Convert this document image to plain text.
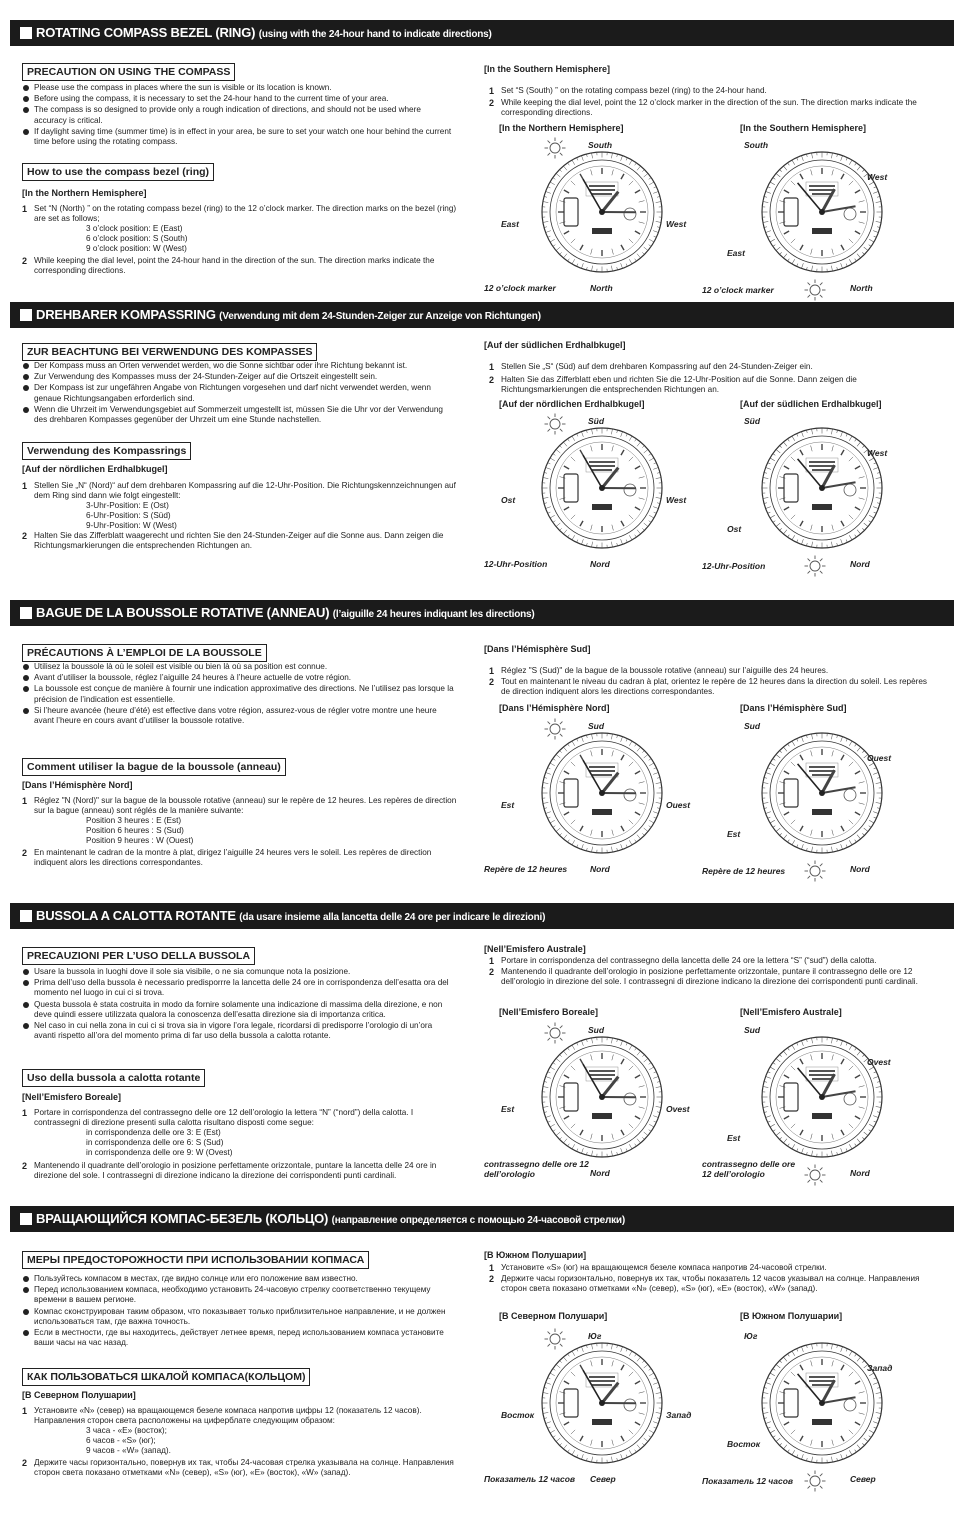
ROTATING COMPASS BEZEL (RING) (using with the 24-hour hand to indicate directions)
PRECAUTION ON USING THE COMPASS
Please use the compass in places where the sun is visible or its location is known.
Before using the compass, it is necessary to set the 24-hour hand to the current time of your area.
The compass is so designed to provide only a rough indication of directions, and should not be used where accuracy is critical.
If daylight saving time (summer time) is in effect in your area, be sure to set your watch one hour behind the current time before using the rotating compass.
How to use the compass bezel (ring)
[In the Northern Hemisphere]
1 Set “N (North) ” on the rotating compass bezel (ring) to the 12 o’clock marker. The direction marks on the bezel (ring) are set as follows;
3 o’clock position: E (East)
6 o’clock position: S (South)
9 o’clock position: W (West)
2 While keeping the dial level, point the 24-hour hand in the direction of the sun. The direction marks indicate the corresponding directions.
[In the Southern Hemisphere]
1 Set “S (South) ” on the rotating compass bezel (ring) to the 24-hour hand.
2 While keeping the dial level, point the 12 o’clock marker in the direction of the sun. The direction marks indicate the corresponding directions.
[In the Northern Hemisphere]	[In the Southern Hemisphere]
South
East	West
North
12 o’clock marker
South
West
East
North
12 o’clock marker
DREHBARER KOMPASSRING (Verwendung mit dem 24-Stunden-Zeiger zur Anzeige von Richtungen)
ZUR BEACHTUNG BEI VERWENDUNG DES KOMPASSES
Der Kompass muss an Orten verwendet werden, wo die Sonne sichtbar oder ihre Richtung bekannt ist.
Zur Verwendung des Kompasses muss der 24-Stunden-Zeiger auf die Ortszeit eingestellt sein.
Der Kompass ist zur ungefähren Angabe von Richtungen vorgesehen und darf nicht verwendet werden, wenn genaue Richtungsangaben erforderlich sind.
Wenn die Uhrzeit im Verwendungsgebiet auf Sommerzeit umgestellt ist, müssen Sie die Uhr vor der Verwendung des drehbaren Kompasses gegenüber der Uhrzeit um eine Stunde nachstellen.
Verwendung des Kompassrings
[Auf der nördlichen Erdhalbkugel]
1 Stellen Sie „N“ (Nord)“ auf dem drehbaren Kompassring auf die 12-Uhr-Position. Die Richtungskennzeichnungen auf dem Ring sind dann wie folgt eingestellt:
3-Uhr-Position: E (Ost)
6-Uhr-Position: S (Süd)
9-Uhr-Position: W (West)
2 Halten Sie das Zifferblatt waagerecht und richten Sie den 24-Stunden-Zeiger auf die Sonne aus. Dann zeigen die Richtungsmarkierungen die entsprechenden Richtungen an.
[Auf der südlichen Erdhalbkugel]
1 Stellen Sie „S“ (Süd) auf dem drehbaren Kompassring auf den 24-Stunden-Zeiger ein.
2 Halten Sie das Zifferblatt eben und richten Sie die 12-Uhr-Position auf die Sonne. Dann zeigen die Richtungsmarkierungen die entsprechenden Richtungen an.
[Auf der nördlichen Erdhalbkugel]	[Auf der südlichen Erdhalbkugel]
Süd
Ost	West
Nord
12-Uhr-Position
Süd
West
Ost
Nord
12-Uhr-Position
BAGUE DE LA BOUSSOLE ROTATIVE (ANNEAU) (l’aiguille 24 heures indiquant les directions)
PRÉCAUTIONS À L’EMPLOI DE LA BOUSSOLE
Utilisez la boussole là où le soleil est visible ou bien là où sa position est connue.
Avant d’utiliser la boussole, réglez l’aiguille 24 heures à l’heure actuelle de votre région.
La boussole est conçue de manière à fournir une indication approximative des directions. Ne l’utilisez pas lorsque la précision de l’indication est essentielle.
Si l’heure avancée (heure d’été) est effective dans votre région, assurez-vous de régler votre montre une heure avant l’heure en cours avant d’utiliser la boussole rotative.
Comment utiliser la bague de la boussole (anneau)
[Dans l’Hémisphère Nord]
1 Réglez "N (Nord)" sur la bague de la boussole rotative (anneau) sur le repère de 12 heures. Les repères de direction sur la bague (anneau) sont réglés de la manière suivante:
Position 3 heures : E (Est)
Position 6 heures : S (Sud)
Position 9 heures : W (Ouest)
2 En maintenant le cadran de la montre à plat, dirigez l’aiguille 24 heures vers le soleil. Les repères de direction indiquent alors les directions correspondantes.
[Dans l’Hémisphère Sud]
1 Réglez "S (Sud)" de la bague de la boussole rotative (anneau) sur l’aiguille des 24 heures.
2 Tout en maintenant le niveau du cadran à plat, orientez le repère de 12 heures dans la direction du soleil. Les repères de direction indiquent alors les directions correspondantes.
[Dans l’Hémisphère Nord]	[Dans l’Hémisphère Sud]
Sud
Est	Ouest
Nord
Repère de 12 heures
Sud
Ouest
Est
Nord
Repère de 12 heures
BUSSOLA A CALOTTA ROTANTE (da usare insieme alla lancetta delle 24 ore per indicare le direzioni)
PRECAUZIONI PER L’USO DELLA BUSSOLA
Usare la bussola in luoghi dove il sole sia visibile, o ne sia comunque nota la posizione.
Prima dell’uso della bussola è necessario predisporrre la lancetta delle 24 ore in corrispondenza dell’esatta ora del momento nel luogo in cui ci si trova.
Questa bussola è stata costruita in modo da fornire solamente una indicazione di massima della direzione, e non deve quindi essere utilizzata qualora la conoscenza dell’esatta direzione sia di importanza critica.
Nel caso in cui nella zona in cui ci si trova sia in vigore l’ora legale, ricordarsi di predisporre l’orologio di un’ora avanti rispetto all’ora del momento prima di far uso della bussola a calotta rotante.
Uso della bussola a calotta rotante
[Nell’Emisfero Boreale]
1 Portare in corrispondenza del contrassegno delle ore 12 dell’orologio la lettera “N” (“nord”) della calotta. I contrassegni di direzione presenti sulla calotta risultano disposti come segue:
in corrispondenza delle ore 3: E (Est)
in corrispondenza delle ore 6: S (Sud)
in corrispondenza delle ore 9: W (Ovest)
2 Mantenendo il quadrante dell’orologio in posizione perfettamente orizzontale, puntare la lancetta delle 24 ore in direzione del sole. I contrassegni di direzione indicano la direzione dei corrispondenti punti cardinali.
[Nell’Emisfero Australe]
1 Portare in corrispondenza del contrassegno della lancetta delle 24 ore la lettera “S” (“sud”) della calotta.
2 Mantenendo il quadrante dell’orologio in posizione perfettamente orizzontale, puntare il contrassegno delle ore 12 dell’orologio in direzione del sole. I contrassegni di direzione indicano la direzione dei corrispondenti punti cardinali.
[Nell’Emisfero Boreale]	[Nell’Emisfero Australe]
Sud
Est	Ovest
Nord
contrassegno delle ore 12 dell’orologio
Sud
Ovest
Est
Nord
contrassegno delle ore 12 dell’orologio
ВРАЩАЮЩИЙСЯ КОМПАС-БЕЗЕЛЬ (КОЛЬЦО) (направление определяется с помощью 24-часовой стрелки)
МЕРЫ ПРЕДОСТОРОЖНОСТИ ПРИ ИСПОЛЬЗОВАНИИ КОПМАСА
Пользуйтесь компасом в местах, где видно солнце или его положение вам известно.
Перед использованием компаса, необходимо установить 24-часовую стрелку соответственно текущему времени в вашем регионе.
Компас сконструирован таким образом, что показывает только приблизительное направление, и не должен использоваться там, где важна точность.
Если в местности, где вы находитесь, действует летнее время, перед использованием компаса установите ваши часы на час назад.
КАК ПОЛЬЗОВАТЬСЯ ШКАЛОЙ КОМПАСА(КОЛЬЦОМ)
[В Северном Полушарии]
1 Установите «N» (север) на вращающемся безеле компаса напротив цифры 12 (показатель 12 часов). Направления сторон света расположены на циферблате следующим образом:
3 часа - «E» (восток);
6 часов - «S» (юг);
9 часов - «W» (запад).
2 Держите часы горизонтально, повернув их так, чтобы 24-часовая стрелка указывала на солнце. Направления сторон света показано отметками «N» (север), «S» (юг), «E» (восток), «W» (запад).
[В Южном Полушарии]
1 Установите «S» (юг) на вращающемся безеле компаса напротив 24-часовой стрелки.
2 Держите часы горизонтально, повернув их так, чтобы показатель 12 часов указывал на солнце. Направления сторон света показано отметками «N» (север), «S» (юг), «E» (восток), «W» (запад).
[В Северном Полушари]	[В Южном Полушарии]
Юг
Восток	Запад
Север
Показатель 12 часов
Юг
Запад
Восток
Север
Показатель 12 часов
